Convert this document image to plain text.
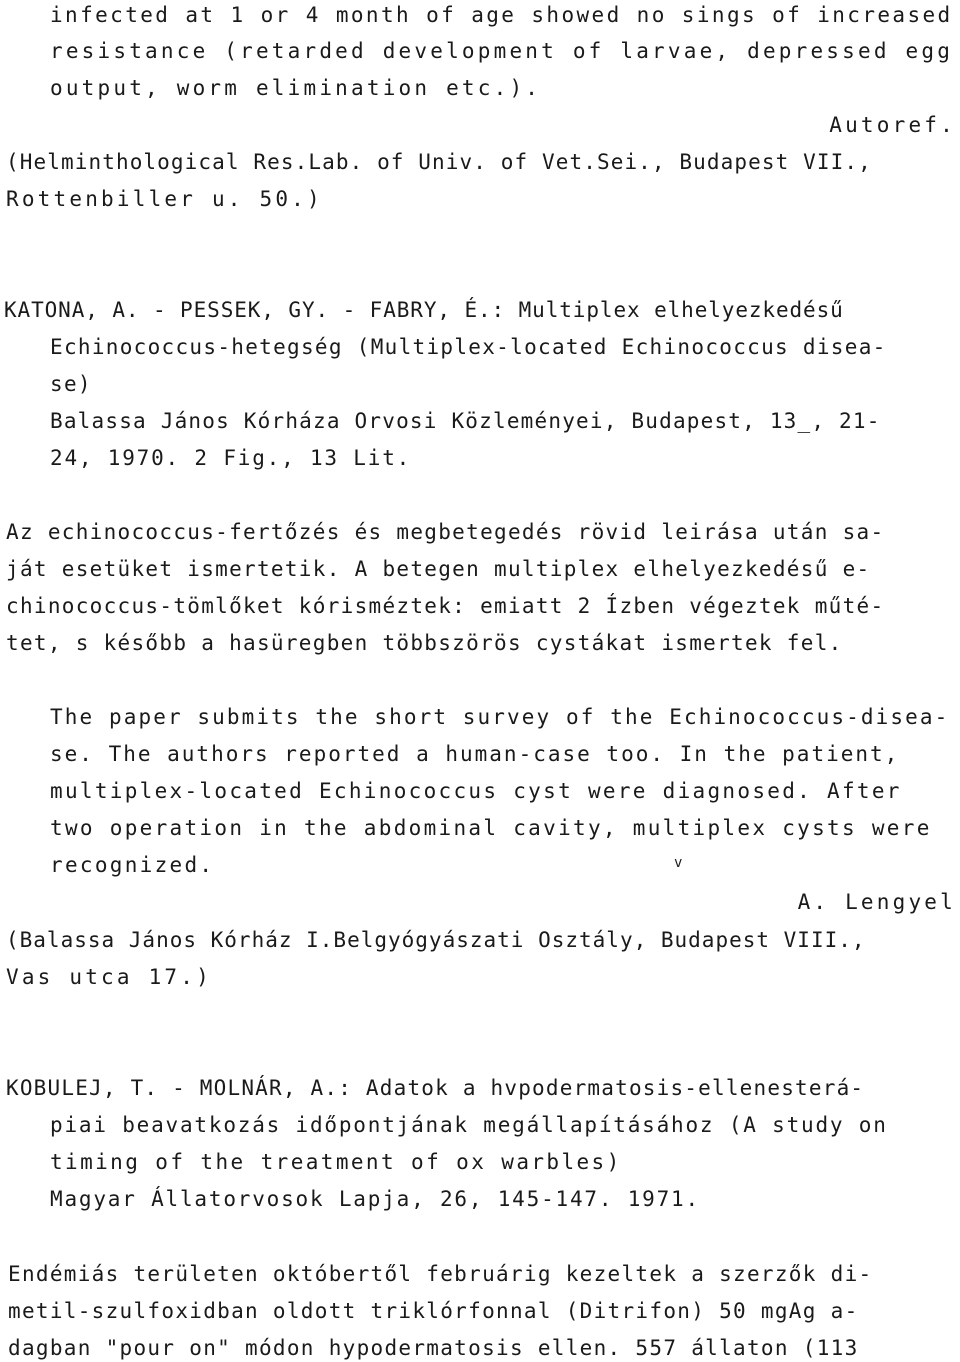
infected at 1 or 4 month of age showed no sings of increased
resistance (retarded development of larvae, depressed egg
output, worm elimination etc.).
Autoref.
(Helminthological Res.Lab. of Univ. of Vet.Sei., Budapest VII.,
Rottenbiller u. 50.)
KATONA, A. - PESSEK, GY. - FABRY, É.: Multiplex elhelyezkedésű
Echinococcus-hetegség (Multiplex-located Echinococcus disea-
se)
Balassa János Kórháza Orvosi Közleményei, Budapest, 13_, 21-
24, 1970. 2 Fig., 13 Lit.
Az echinococcus-fertőzés és megbetegedés rövid leirása után sa-
ját esetüket ismertetik. A betegen multiplex elhelyezkedésű e-
chinococcus-tömlőket kórisméztek: emiatt 2 Ízben végeztek műté-
tet, s később a hasüregben többszörös cystákat ismertek fel.
The paper submits the short survey of the Echinococcus-disea-
se. The authors reported a human-case too. In the patient,
multiplex-located Echinococcus cyst were diagnosed. After
two operation in the abdominal cavity, multiplex cysts were
recognized.	v
A. Lengyel
(Balassa János Kórház I.Belgyógyászati Osztály, Budapest VIII.,
Vas utca 17.)
KOBULEJ, T. - MOLNÁR, A.: Adatok a hvpodermatosis-ellenesterá-
piai beavatkozás időpontjának megállapításához (A study on
timing of the treatment of ox warbles)
Magyar Állatorvosok Lapja, 26, 145-147. 1971.
Endémiás területen októbertől februárig kezeltek a szerzők di-
metil-szulfoxidban oldott triklórfonnal (Ditrifon) 50 mgAg a-
dagban "pour on" módon hypodermatosis ellen. 557 állaton (113
